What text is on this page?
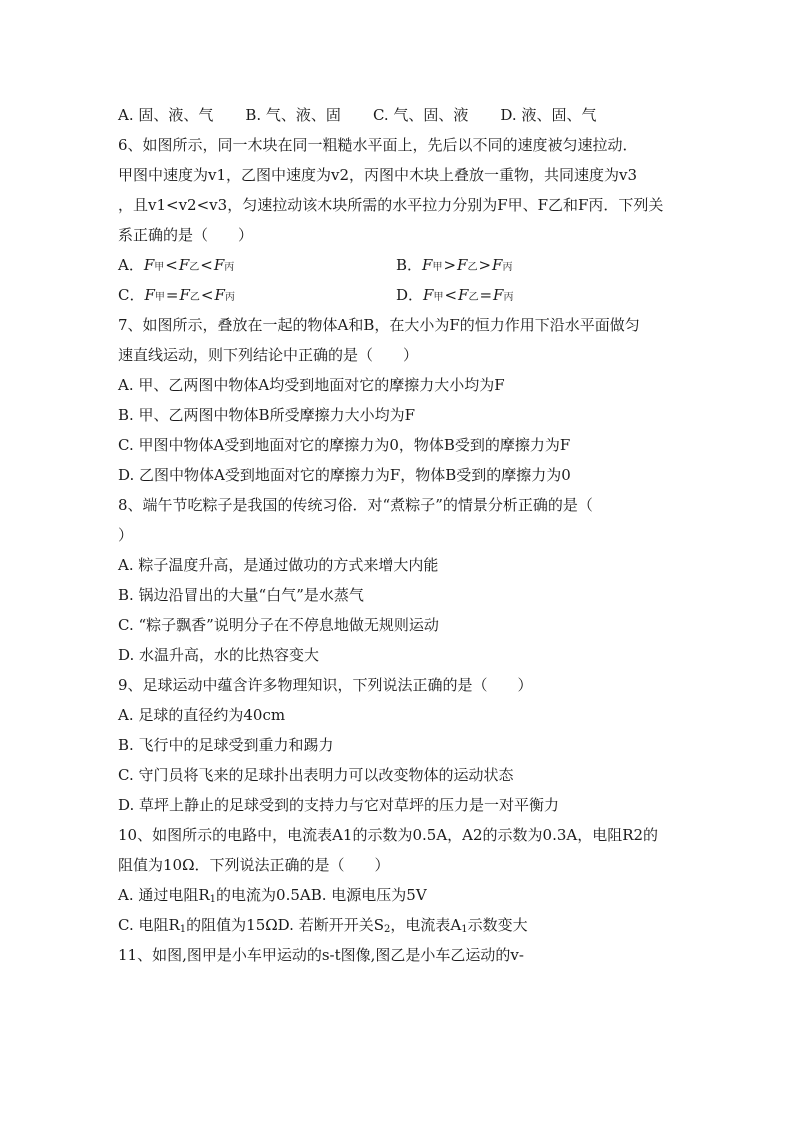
A. 固、液、气 B. 气、液、固 C. 气、固、液 D. 液、固、气
6、如图所示，同一木块在同一粗糙水平面上，先后以不同的速度被匀速拉动．
甲图中速度为v1，乙图中速度为v2，丙图中木块上叠放一重物，共同速度为v3
，且v1<v2<v3，匀速拉动该木块所需的水平拉力分别为F甲、F乙和F丙．下列关
系正确的是（　　）
A． F 甲 < F 乙 < F 丙	B． F 甲 > F 乙 > F 丙
C． F 甲 = F 乙 < F 丙	D． F 甲 < F 乙 = F 丙
7、如图所示，叠放在一起的物体A和B，在大小为F的恒力作用下沿水平面做匀
速直线运动，则下列结论中正确的是（　　）
A. 甲、乙两图中物体A均受到地面对它的摩擦力大小均为F
B. 甲、乙两图中物体B所受摩擦力大小均为F
C. 甲图中物体A受到地面对它的摩擦力为0，物体B受到的摩擦力为F
D. 乙图中物体A受到地面对它的摩擦力为F，物体B受到的摩擦力为0
8、端午节吃粽子是我国的传统习俗．对“煮粽子”的情景分析正确的是（
）
A. 粽子温度升高，是通过做功的方式来增大内能
B. 锅边沿冒出的大量“白气”是水蒸气
C. “粽子飘香”说明分子在不停息地做无规则运动
D. 水温升高，水的比热容变大
9、足球运动中蕴含许多物理知识，下列说法正确的是（　　）
A. 足球的直径约为40cm
B. 飞行中的足球受到重力和踢力
C. 守门员将飞来的足球扑出表明力可以改变物体的运动状态
D. 草坪上静止的足球受到的支持力与它对草坪的压力是一对平衡力
10、如图所示的电路中，电流表A1的示数为0.5A，A2的示数为0.3A，电阻R2的
阻值为10Ω．下列说法正确的是（　　）
A. 通过电阻$R_1$的电流为0.5AB. 电源电压为5V
C. 电阻$R_1$的阻值为15ΩD. 若断开开关$S_2$，电流表$A_1$示数变大
11、如图,图甲是小车甲运动的s-t图像,图乙是小车乙运动的v-
